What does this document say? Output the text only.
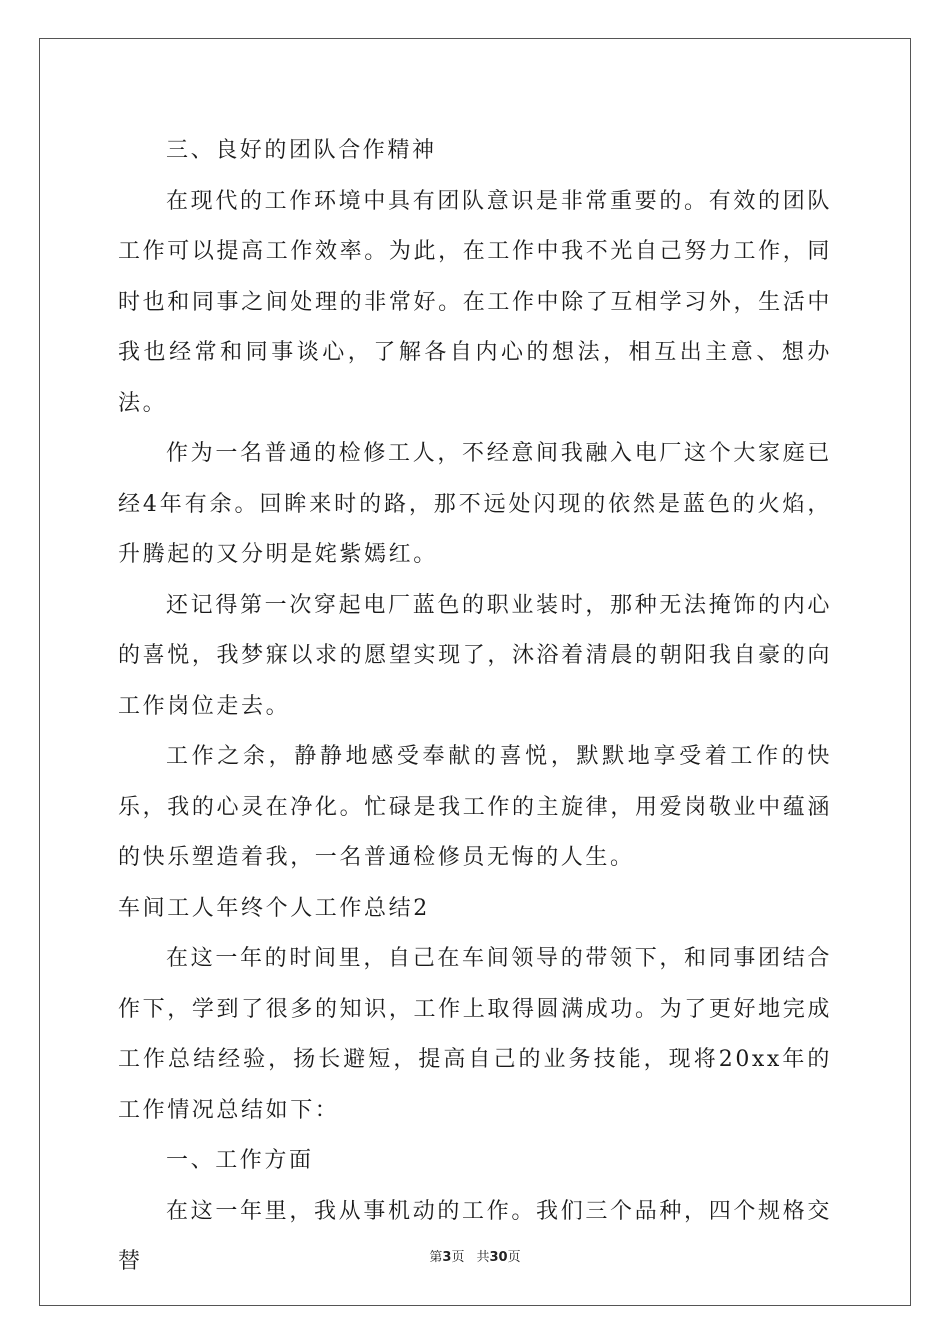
三、良好的团队合作精神

在现代的工作环境中具有团队意识是非常重要的。有效的团队工作可以提高工作效率。为此，在工作中我不光自己努力工作，同时也和同事之间处理的非常好。在工作中除了互相学习外，生活中我也经常和同事谈心，了解各自内心的想法，相互出主意、想办法。

作为一名普通的检修工人，不经意间我融入电厂这个大家庭已经4年有余。回眸来时的路，那不远处闪现的依然是蓝色的火焰，升腾起的又分明是姹紫嫣红。

还记得第一次穿起电厂蓝色的职业装时，那种无法掩饰的内心的喜悦，我梦寐以求的愿望实现了，沐浴着清晨的朝阳我自豪的向工作岗位走去。

工作之余，静静地感受奉献的喜悦，默默地享受着工作的快乐，我的心灵在净化。忙碌是我工作的主旋律，用爱岗敬业中蕴涵的快乐塑造着我，一名普通检修员无悔的人生。

车间工人年终个人工作总结2

在这一年的时间里，自己在车间领导的带领下，和同事团结合作下，学到了很多的知识，工作上取得圆满成功。为了更好地完成工作总结经验，扬长避短，提高自己的业务技能，现将20xx年的工作情况总结如下：

一、工作方面

在这一年里，我从事机动的工作。我们三个品种，四个规格交替	第3页 共30页
